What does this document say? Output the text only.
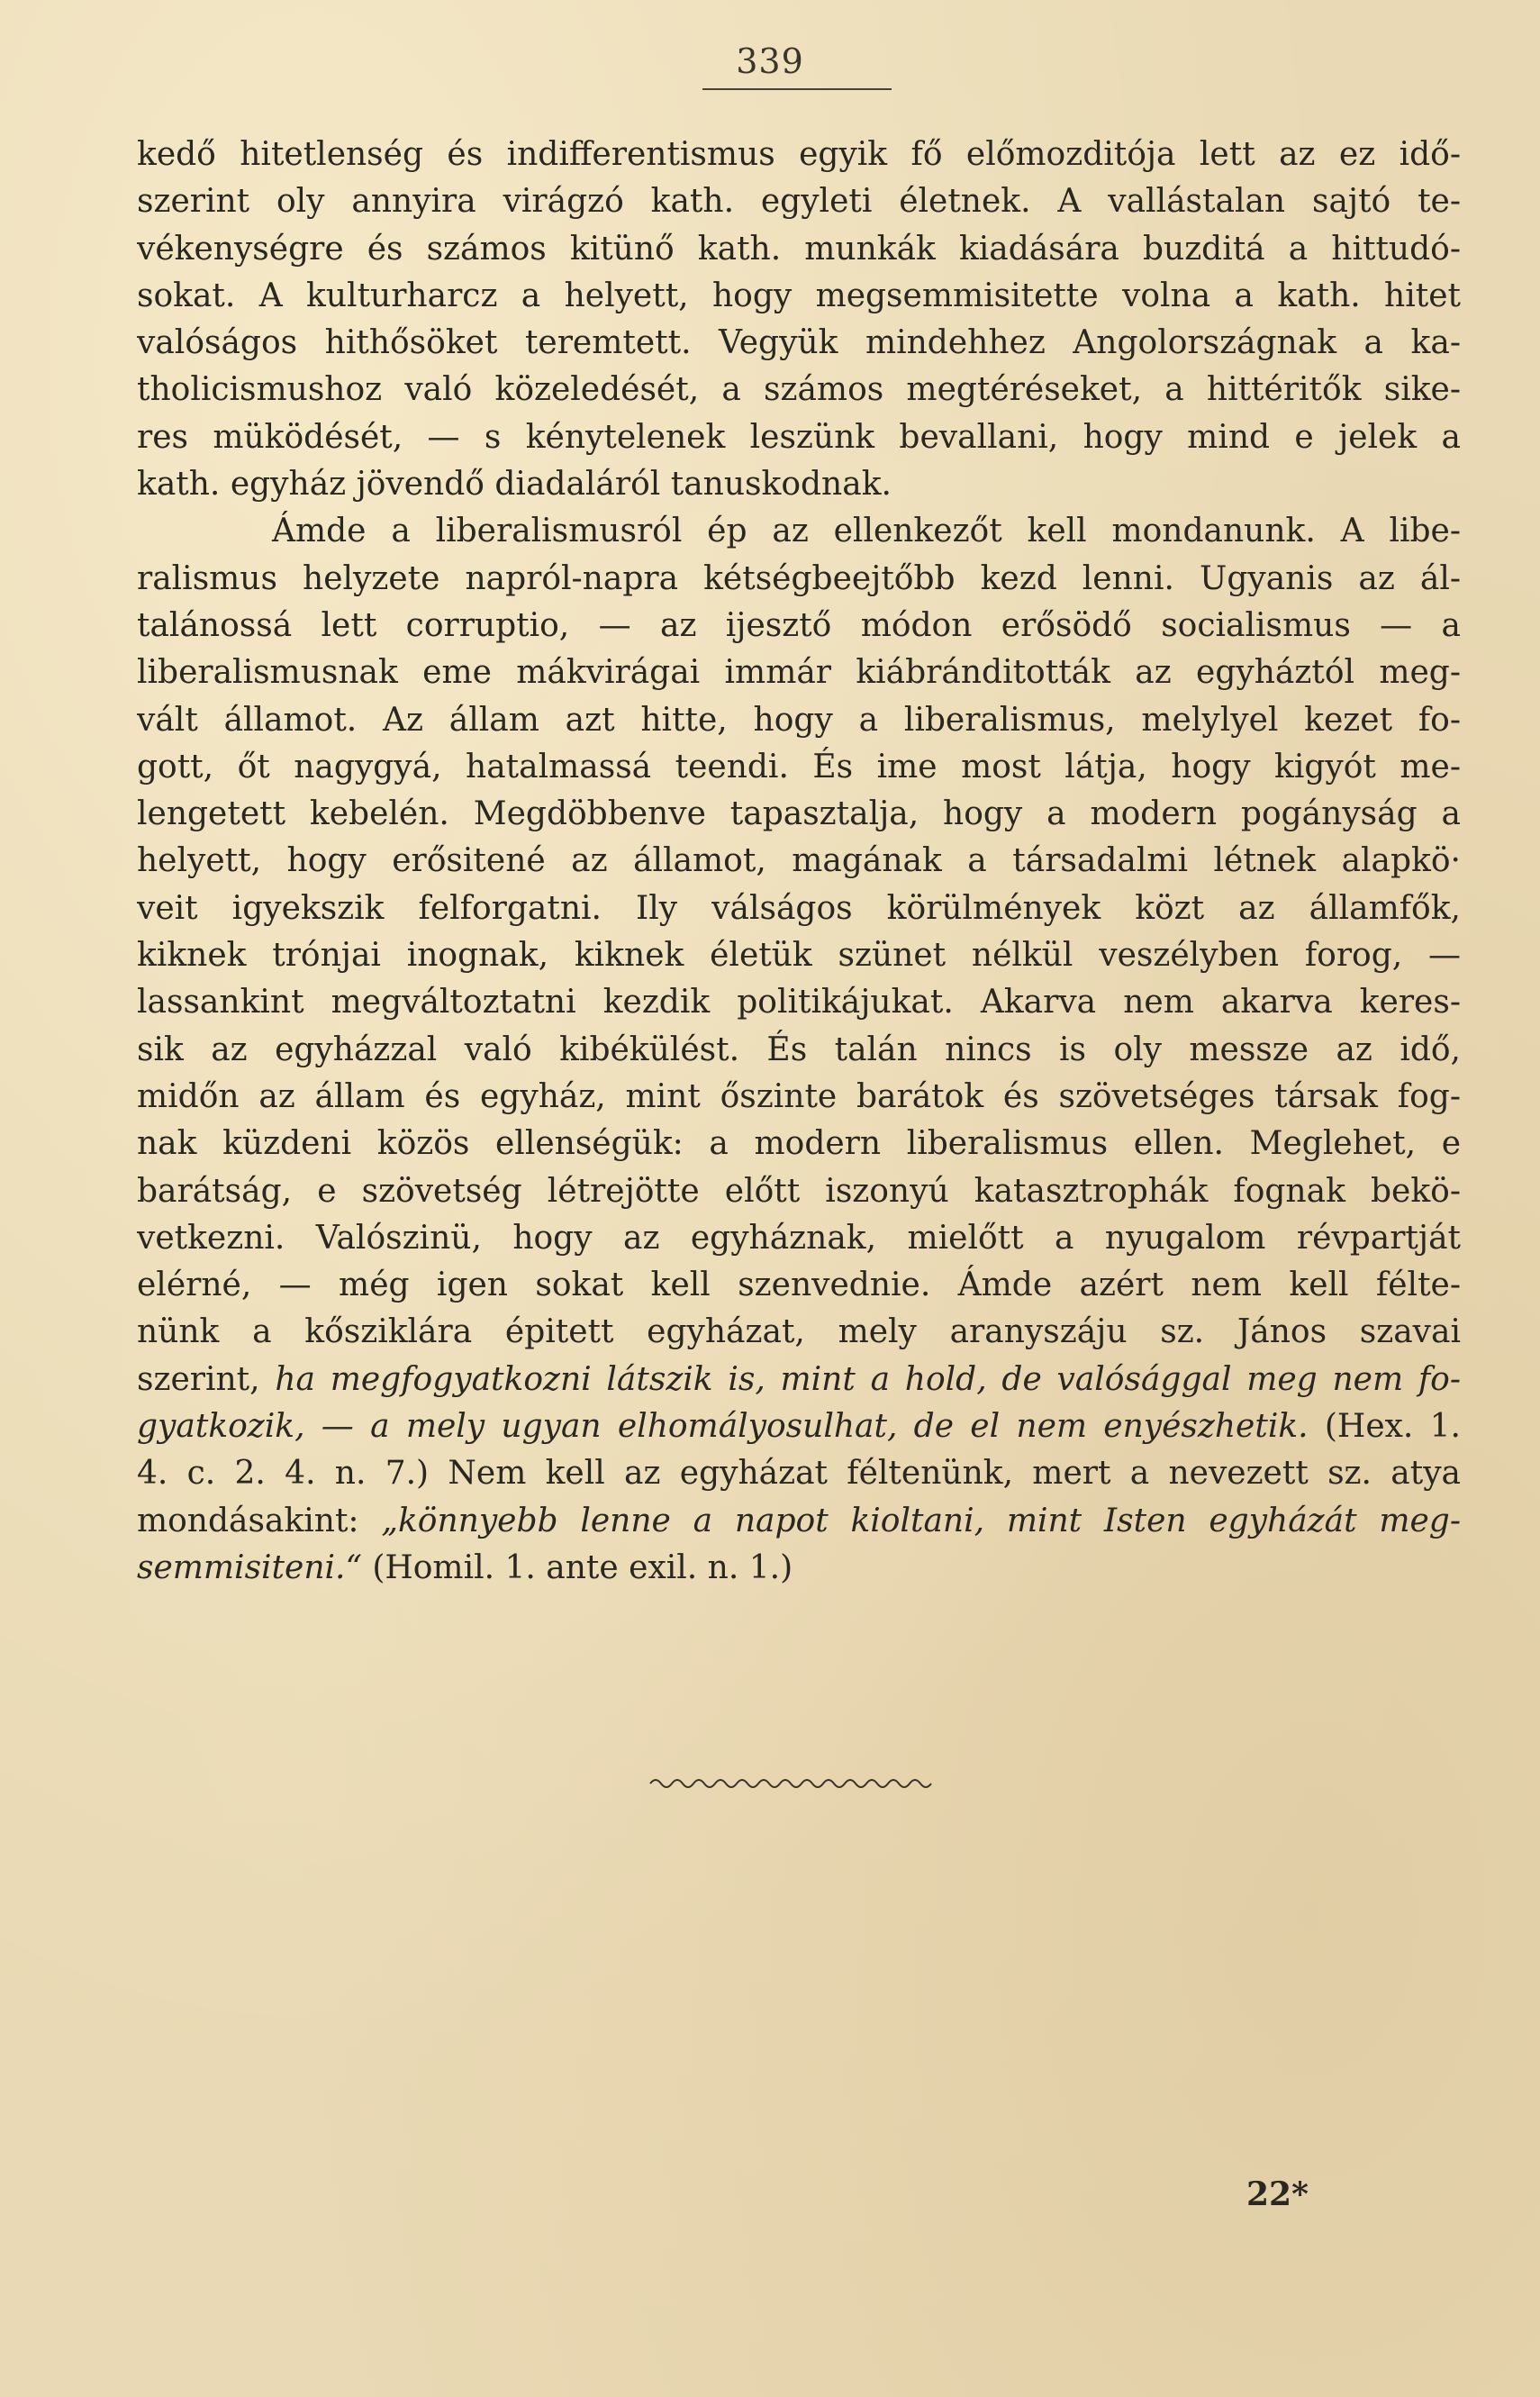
339
kedő hitetlenség és indifferentismus egyik fő előmozditója lett az ez idő-
szerint oly annyira virágzó kath. egyleti életnek. A vallástalan sajtó te-
vékenységre és számos kitünő kath. munkák kiadására buzditá a hittudó-
sokat. A kulturharcz a helyett, hogy megsemmisitette volna a kath. hitet
valóságos hithősöket teremtett. Vegyük mindehhez Angolországnak a ka-
tholicismushoz való közeledését, a számos megtéréseket, a hittéritők sike-
res müködését, — s kénytelenek leszünk bevallani, hogy mind e jelek a
kath. egyház jövendő diadaláról tanuskodnak.
Ámde a liberalismusról ép az ellenkezőt kell mondanunk. A libe-
ralismus helyzete napról-napra kétségbeejtőbb kezd lenni. Ugyanis az ál-
talánossá lett corruptio, — az ijesztő módon erősödő socialismus — a
liberalismusnak eme mákvirágai immár kiábránditották az egyháztól meg-
vált államot. Az állam azt hitte, hogy a liberalismus, melylyel kezet fo-
gott, őt nagygyá, hatalmassá teendi. És ime most látja, hogy kigyót me-
lengetett kebelén. Megdöbbenve tapasztalja, hogy a modern pogányság a
helyett, hogy erősitené az államot, magának a társadalmi létnek alapkö·
veit igyekszik felforgatni. Ily válságos körülmények közt az államfők,
kiknek trónjai inognak, kiknek életük szünet nélkül veszélyben forog, —
lassankint megváltoztatni kezdik politikájukat. Akarva nem akarva keres-
sik az egyházzal való kibékülést. És talán nincs is oly messze az idő,
midőn az állam és egyház, mint őszinte barátok és szövetséges társak fog-
nak küzdeni közös ellenségük: a modern liberalismus ellen. Meglehet, e
barátság, e szövetség létrejötte előtt iszonyú katasztrophák fognak bekö-
vetkezni. Valószinü, hogy az egyháznak, mielőtt a nyugalom révpartját
elérné, — még igen sokat kell szenvednie. Ámde azért nem kell félte-
nünk a kősziklára épitett egyházat, mely aranyszáju sz. János szavai
szerint, ha megfogyatkozni látszik is, mint a hold, de valósággal meg nem fo-
gyatkozik, — a mely ugyan elhomályosulhat, de el nem enyészhetik. (Hex. 1.
4. c. 2. 4. n. 7.) Nem kell az egyházat féltenünk, mert a nevezett sz. atya
mondásakint: „könnyebb lenne a napot kioltani, mint Isten egyházát meg-
semmisiteni.“ (Homil. 1. ante exil. n. 1.)
22*
